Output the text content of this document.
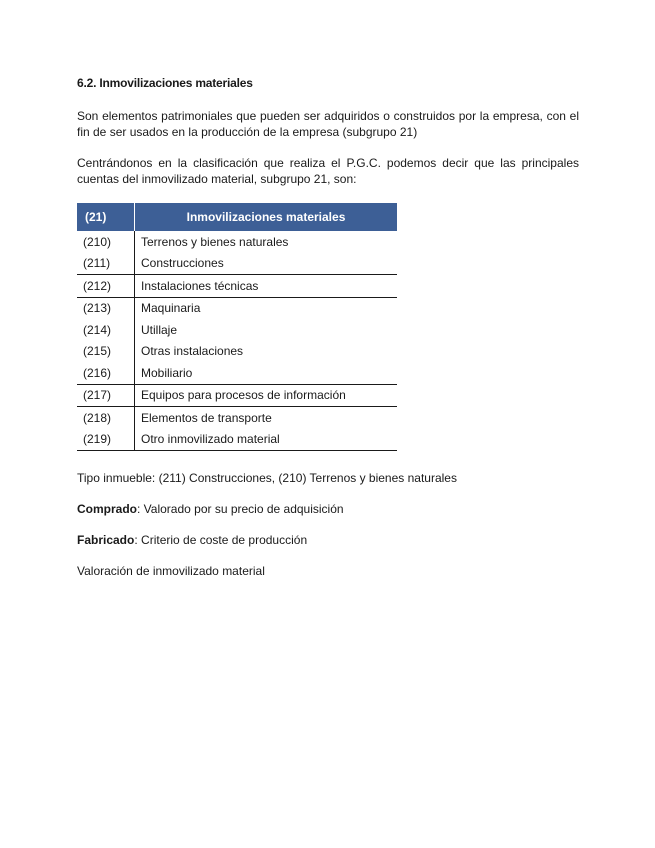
6.2. Inmovilizaciones materiales
Son elementos patrimoniales que pueden ser adquiridos o construidos por la empresa, con el fin de ser usados en la producción de la empresa (subgrupo 21)
Centrándonos en la clasificación que realiza el P.G.C. podemos decir que las principales cuentas del inmovilizado material, subgrupo 21, son:
(21)	Inmovilizaciones materiales
(210)	Terrenos y bienes naturales
(211)	Construcciones
(212)	Instalaciones técnicas
(213)	Maquinaria
(214)	Utillaje
(215)	Otras instalaciones
(216)	Mobiliario
(217)	Equipos para procesos de información
(218)	Elementos de transporte
(219)	Otro inmovilizado material
Tipo inmueble: (211) Construcciones, (210) Terrenos y bienes naturales
Comprado: Valorado por su precio de adquisición
Fabricado: Criterio de coste de producción
Valoración de inmovilizado material
